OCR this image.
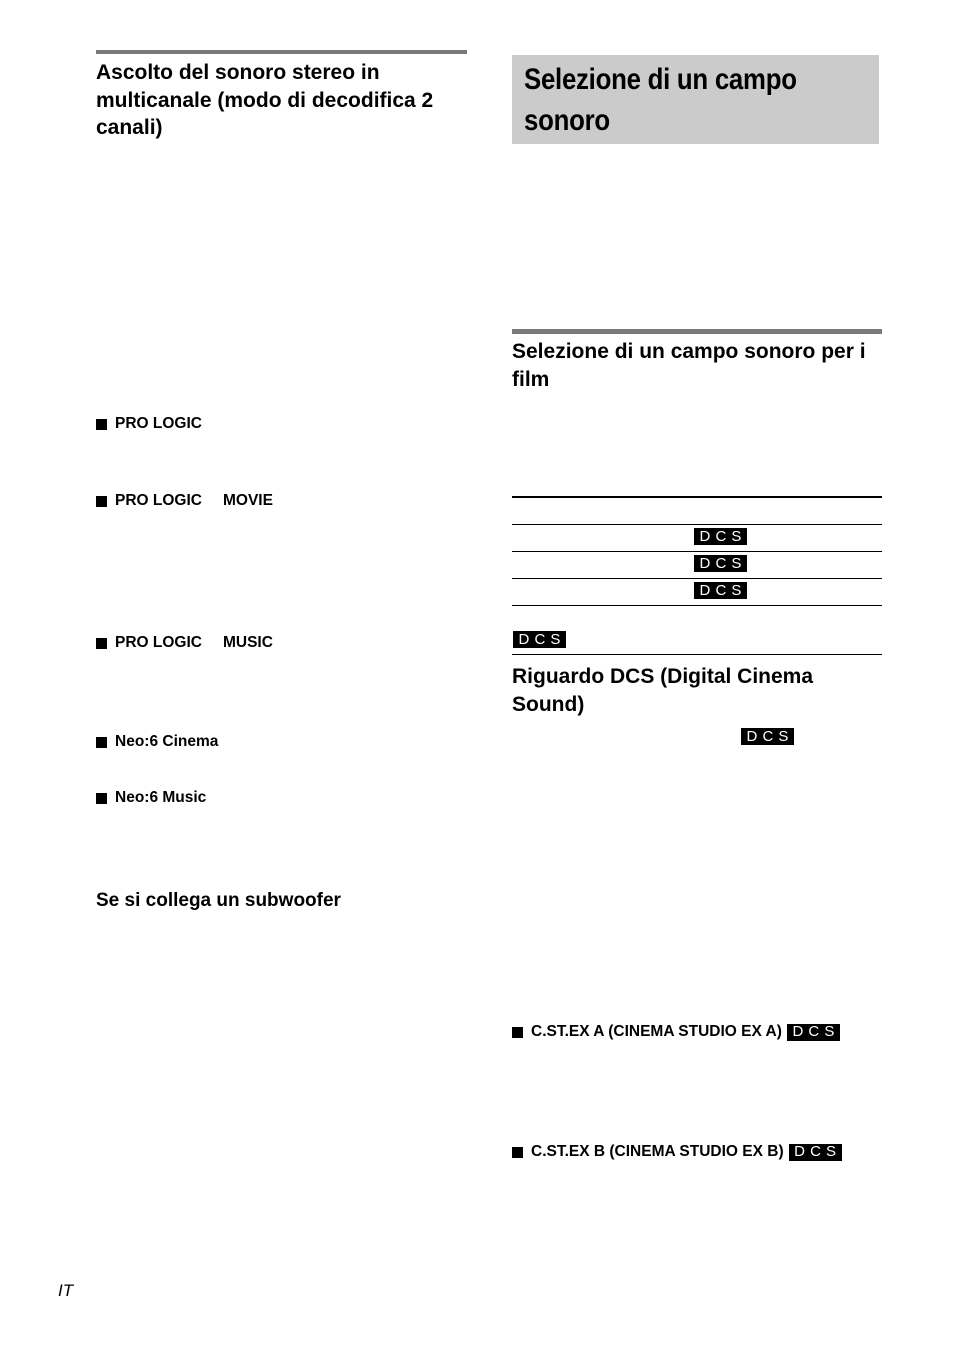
Ascolto del sonoro stereo in multicanale (modo di decodifica 2 canali)
PRO LOGIC
PRO LOGIC MOVIE
PRO LOGIC MUSIC
Neo:6 Cinema
Neo:6 Music
Se si collega un subwoofer
Selezione di un campo sonoro
Selezione di un campo sonoro per i film
D C S
D C S
D C S
D C S
Riguardo DCS (Digital Cinema Sound)
D C S
C.ST.EX A (CINEMA STUDIO EX A) D C S
C.ST.EX B (CINEMA STUDIO EX B) D C S
IT
